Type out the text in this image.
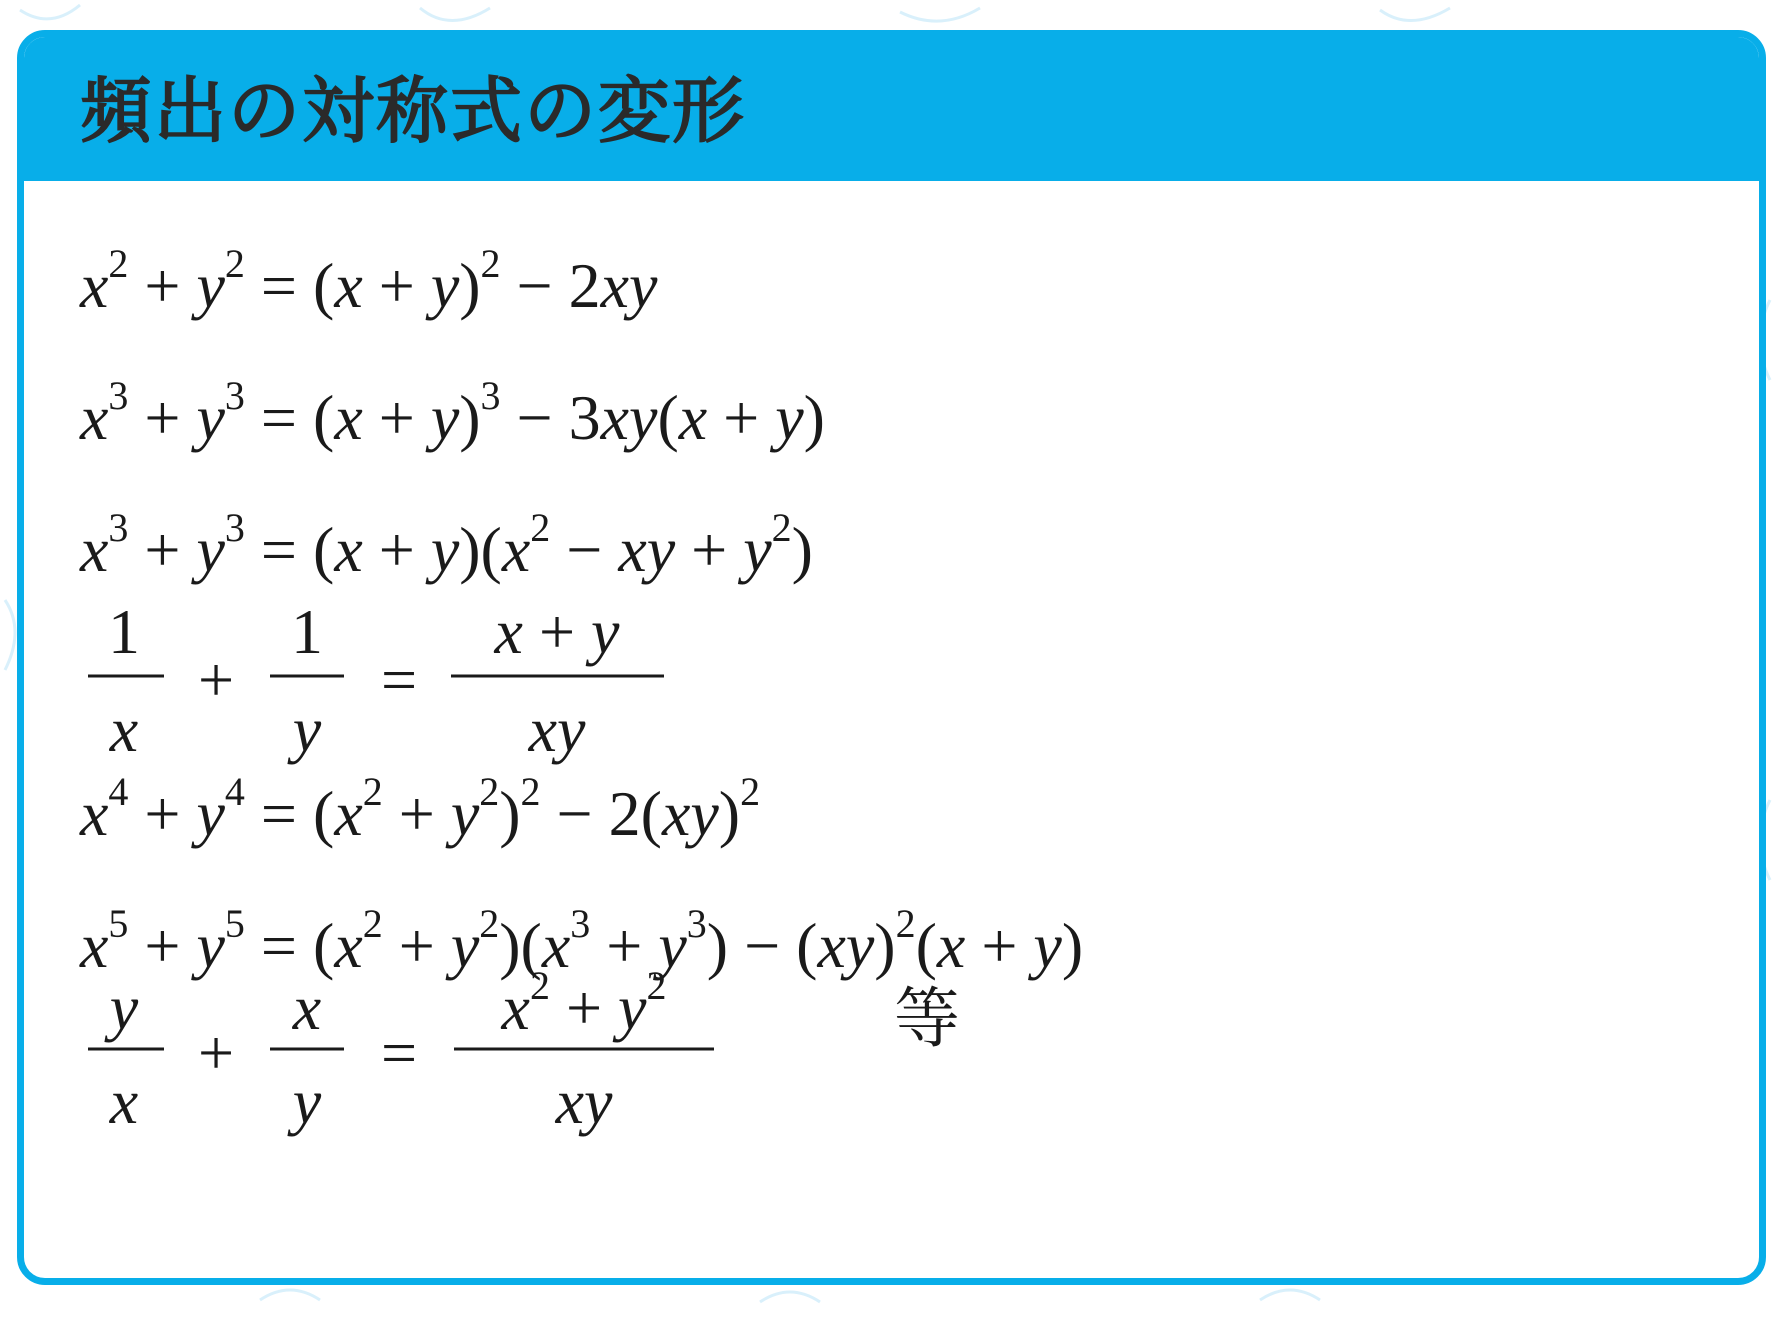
頻出の対称式の変形
$x^2 + y^2 = (x + y)^2 - 2xy$
$x^3 + y^3 = (x + y)^3 - 3xy(x + y)$
$x^3 + y^3 = (x + y)(x^2$ − xy + $y^2$)
1
x
+
1
y
=
x + y
xy
$x^4 + y^4 = (x^2 + y^2)^2 - 2(xy)^2$
$x^5 + y^5 = (x^2 + y^2)(x^3 + y^3) - (xy)^2(x + y)$
y
x
+
x
y
=
$x^2 + y^2$
xy
等
